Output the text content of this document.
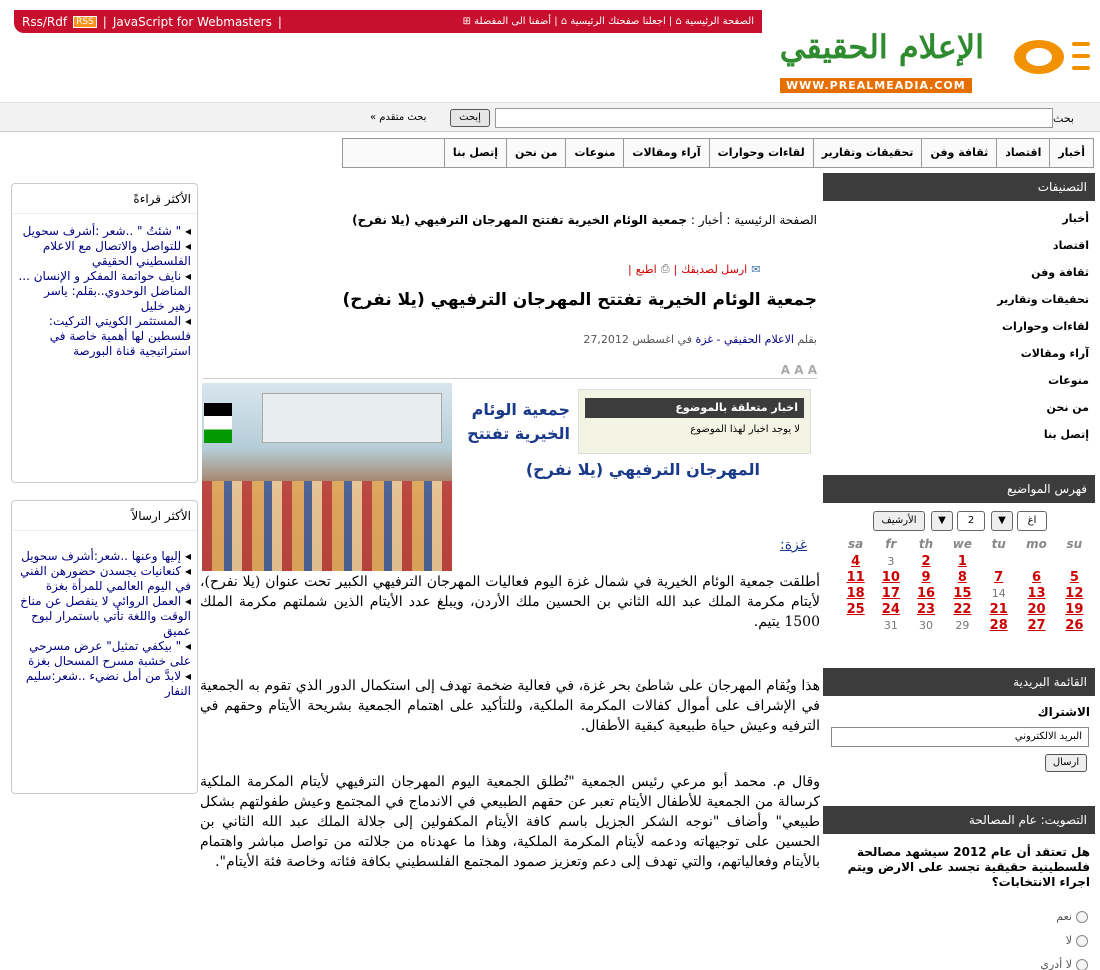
Rss/Rdf	RSS | JavaScript for Webmasters |	الصفحة الرئيسية ⌂ | اجعلنا صفحتك الرئيسية ⌂ | أضفنا الى المفضلة ⊞
الإعلام الحقيقي
WWW.PREALMEADIA.COM
بحث
إبحث
بحث متقدم »
أخبار
اقتصاد
ثقافة وفن
تحقيقات وتقارير
لقاءات وحوارات
آراء ومقالات
منوعات
من نحن
إتصل بنا
التصنيفات
أخبار
اقتصاد
ثقافة وفن
تحقيقات وتقارير
لقاءات وحوارات
آراء ومقالات
منوعات
من نحن
إتصل بنا
فهرس المواضيع
الأرشيف	▼	2	▼	اغ
sa	fr	th	we	tu	mo	su
4	3	2	1			
11	10	9	8	7	6	5
18	17	16	15	14	13	12
25	24	23	22	21	20	19
	31	30	29	28	27	26
القائمة البريدية
الاشتراك
البريد الالكتروني
ارسال
التصويت: عام المصالحة
هل تعتقد أن عام 2012 سيشهد مصالحة فلسطينية حقيقية تجسد على الارض ويتم اجراء الانتخابات؟
نعم
لا
لا أدري
الأكثر قراءةً
◂ " شئتُ " ..شعر :أشرف سحويل
◂ للتواصل والاتصال مع الاعلام الفلسطيني الحقيقي
◂ نايف حواتمة المفكر و الإنسان ... المناضل الوحدوي..بقلم: ياسر زهير خليل
◂ المستثمر الكويتي التركيت: فلسطين لها أهمية خاصة في استراتيجية قناة البورصة
الأكثر ارسالاً
◂ إليها وعنها ..شعر:أشرف سحويل
◂ كنعانيات يجسدن حضورهن الفني في اليوم العالمي للمرأة بغزة
◂ العمل الروائي لا ينفصل عن مناخ الوقت واللغة تأتي باستمرار لبوح عميق
◂ " بيكفي تمثيل" عرض مسرحي على خشبة مسرح المسحال بغزة
◂ لابدَّ من أمل نضيء ..شعر:سليم النفار
الصفحة الرئيسية : أخبار : جمعية الوئام الخيرية تفتتح المهرجان الترفيهي (يلا نفرح)
✉
ارسل لصديقك
|
⎙
اطبع
|
جمعية الوئام الخيرية تفتتح المهرجان الترفيهي (يلا نفرح)
بقلم الاعلام الحقيقي - غزة في اغسطس 27,2012
A A A
اخبار متعلقة بالموضوع
لا يوجد اخبار لهذا الموضوع
جمعية الوئام الخيرية تفتتح
المهرجان الترفيهي (يلا نفرح)
غزة:
أطلقت جمعية الوئام الخيرية في شمال غزة اليوم فعاليات المهرجان الترفيهي الكبير تحت عنوان (يلا نفرح)، لأيتام مكرمة الملك عبد الله الثاني بن الحسين ملك الأردن، ويبلغ عدد الأيتام الذين شملتهم مكرمة الملك 1500 يتيم.
هذا ويُقام المهرجان على شاطئ بحر غزة، في فعالية ضخمة تهدف إلى استكمال الدور الذي تقوم به الجمعية في الإشراف على أموال كفالات المكرمة الملكية، وللتأكيد على اهتمام الجمعية بشريحة الأيتام وحقهم في الترفيه وعيش حياة طبيعية كبقية الأطفال.
وقال م. محمد أبو مرعي رئيس الجمعية "تُطلق الجمعية اليوم المهرجان الترفيهي لأيتام المكرمة الملكية كرسالة من الجمعية للأطفال الأيتام تعبر عن حقهم الطبيعي في الاندماج في المجتمع وعيش طفولتهم بشكل طبيعي" وأضاف "نوجه الشكر الجزيل باسم كافة الأيتام المكفولين إلى جلالة الملك عبد الله الثاني بن الحسين على توجيهاته ودعمه لأيتام المكرمة الملكية، وهذا ما عهدناه من جلالته من تواصل مباشر واهتمام بالأيتام وفعالياتهم، والتي تهدف إلى دعم وتعزيز صمود المجتمع الفلسطيني بكافة فئاته وخاصة فئة الأيتام".
